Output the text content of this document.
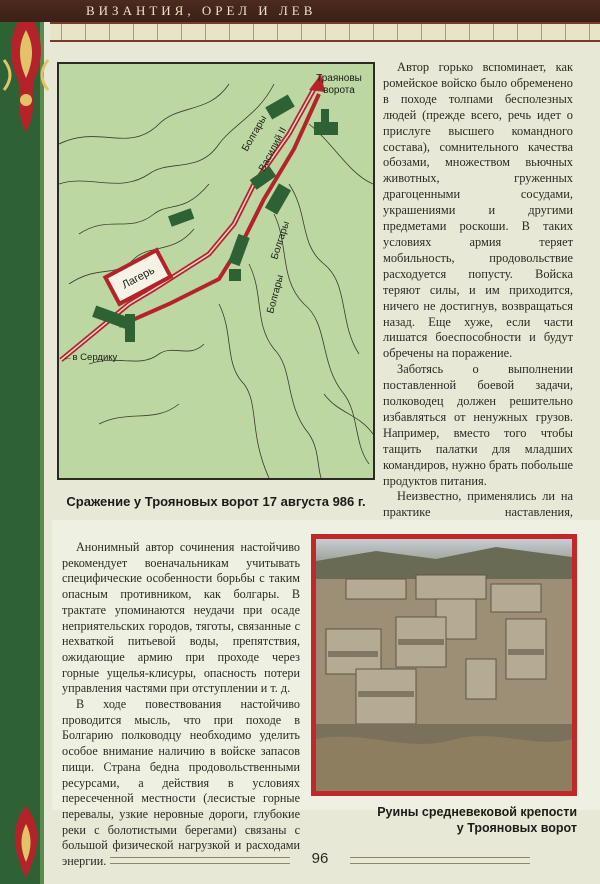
ВИЗАНТИЯ, ОРЕЛ И ЛЕВ
Лагерь
Траяновы
ворота
Болгары
Василий II
Болгары
Болгары
←в Сердику
Сражение у Трояновых ворот 17 августа 986 г.

Автор горько вспоминает, как ромейское войско было обременено в походе толпами бесполезных людей (прежде всего, речь идет о прислуге высшего командного состава), сомнительного качества обозами, множеством вьючных животных, груженных драгоценными сосудами, украшениями и другими предметами роскоши. В таких условиях армия теряет мобильность, продовольствие расходуется попусту. Войска теряют силы, и им приходится, ничего не достигнув, возвращаться назад. Еще хуже, если части лишатся боеспособности и будут обречены на поражение.

Заботясь о выполнении поставленной боевой задачи, полководец должен решительно избавляться от ненужных грузов. Например, вместо того чтобы тащить палатки для младших командиров, нужно брать побольше продуктов питания.

Неизвестно, применялись ли на практике наставления,

Анонимный автор сочинения настойчиво рекомендует военачальникам учитывать специфические особенности борьбы с таким опасным противником, как болгары. В трактате упоминаются неудачи при осаде неприятельских городов, тяготы, связанные с нехваткой питьевой воды, препятствия, ожидающие армию при проходе через горные ущелья-клисуры, опасность потери управления частями при отступлении и т. д.

В ходе повествования настойчиво проводится мысль, что при походе в Болгарию полководцу необходимо уделить особое внимание наличию в войске запасов пищи. Страна бедна продовольственными ресурсами, а действия в условиях пересеченной местности (лесистые горные перевалы, узкие неровные дороги, глубокие реки с болотистыми берегами) связаны с большой физической нагрузкой и расходами энергии.

Руины средневековой крепости
у Трояновых ворот
96
